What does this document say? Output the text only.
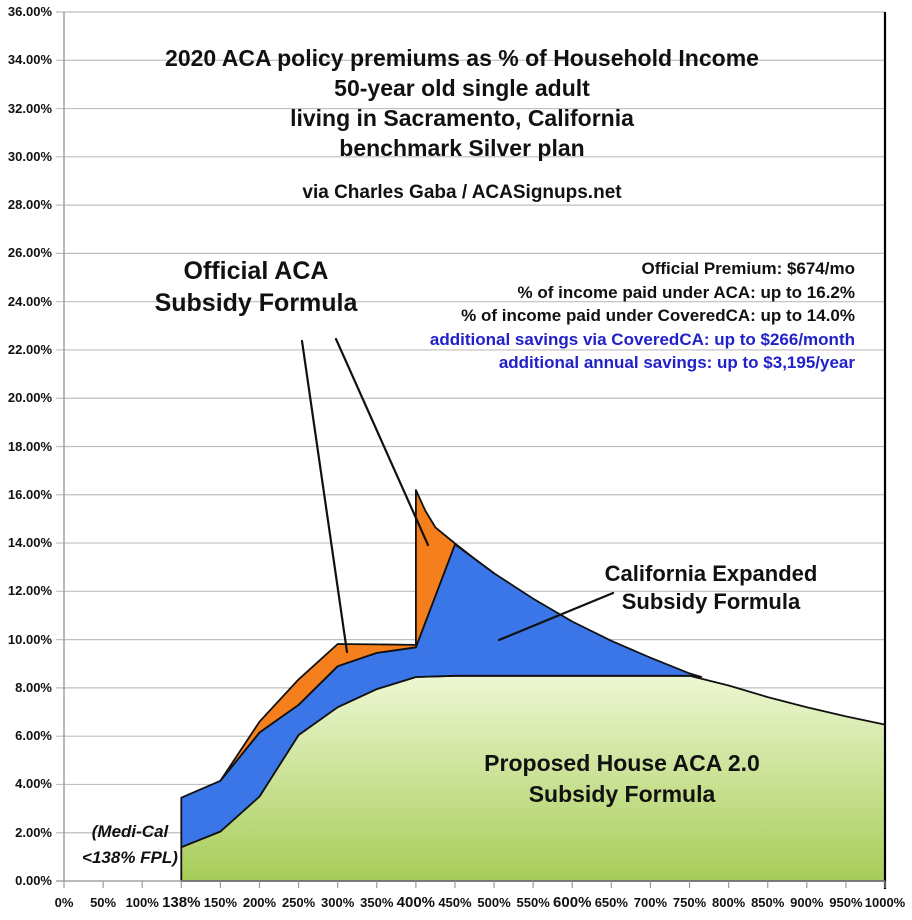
2020 ACA policy premiums as % of Household Income
50-year old single adult
living in Sacramento, California
benchmark Silver plan
via Charles Gaba / ACASignups.net
Official Premium: $674/mo
% of income paid under ACA: up to 16.2%
% of income paid under CoveredCA: up to 14.0%
additional savings via CoveredCA: up to $266/month
additional annual savings: up to $3,195/year
Official ACA
Subsidy Formula
California Expanded
Subsidy Formula
Proposed House ACA 2.0
Subsidy Formula
(Medi-Cal
<138% FPL)
36.00%
34.00%
32.00%
30.00%
28.00%
26.00%
24.00%
22.00%
20.00%
18.00%
16.00%
14.00%
12.00%
10.00%
8.00%
6.00%
4.00%
2.00%
0.00%
0% 50% 100% 138% 150% 200% 250% 300% 350% 400% 450% 500% 550% 600% 650% 700% 750% 800% 850% 900% 950% 1000%
